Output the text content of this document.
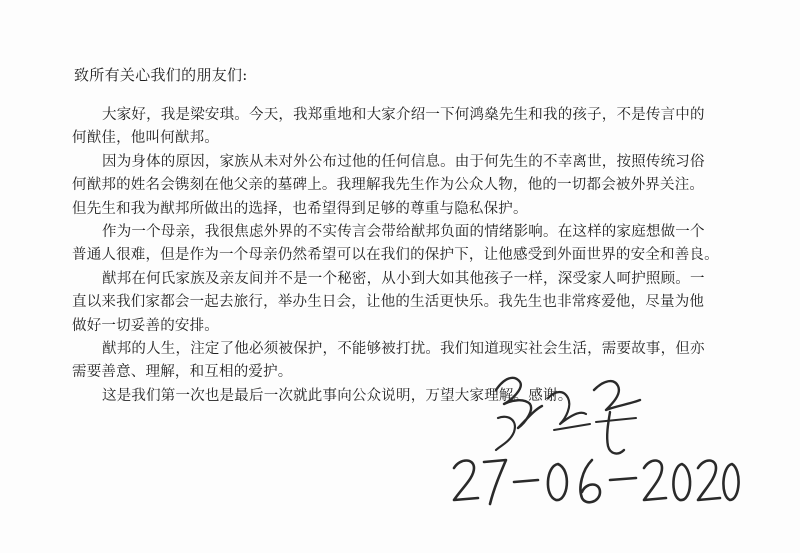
致所有关心我们的朋友们:
大家好，我是梁安琪。今天，我郑重地和大家介绍一下何鸿燊先生和我的孩子，不是传言中的
何猷佳，他叫何猷邦。
因为身体的原因，家族从未对外公布过他的任何信息。由于何先生的不幸离世，按照传统习俗
何猷邦的姓名会镌刻在他父亲的墓碑上。我理解我先生作为公众人物，他的一切都会被外界关注。
但先生和我为猷邦所做出的选择，也希望得到足够的尊重与隐私保护。
作为一个母亲，我很焦虑外界的不实传言会带给猷邦负面的情绪影响。在这样的家庭想做一个
普通人很难，但是作为一个母亲仍然希望可以在我们的保护下，让他感受到外面世界的安全和善良。
猷邦在何氏家族及亲友间并不是一个秘密，从小到大如其他孩子一样，深受家人呵护照顾。一
直以来我们家都会一起去旅行，举办生日会，让他的生活更快乐。我先生也非常疼爱他，尽量为他
做好一切妥善的安排。
猷邦的人生，注定了他必须被保护，不能够被打扰。我们知道现实社会生活，需要故事，但亦
需要善意、理解，和互相的爱护。
这是我们第一次也是最后一次就此事向公众说明，万望大家理解。感谢。
